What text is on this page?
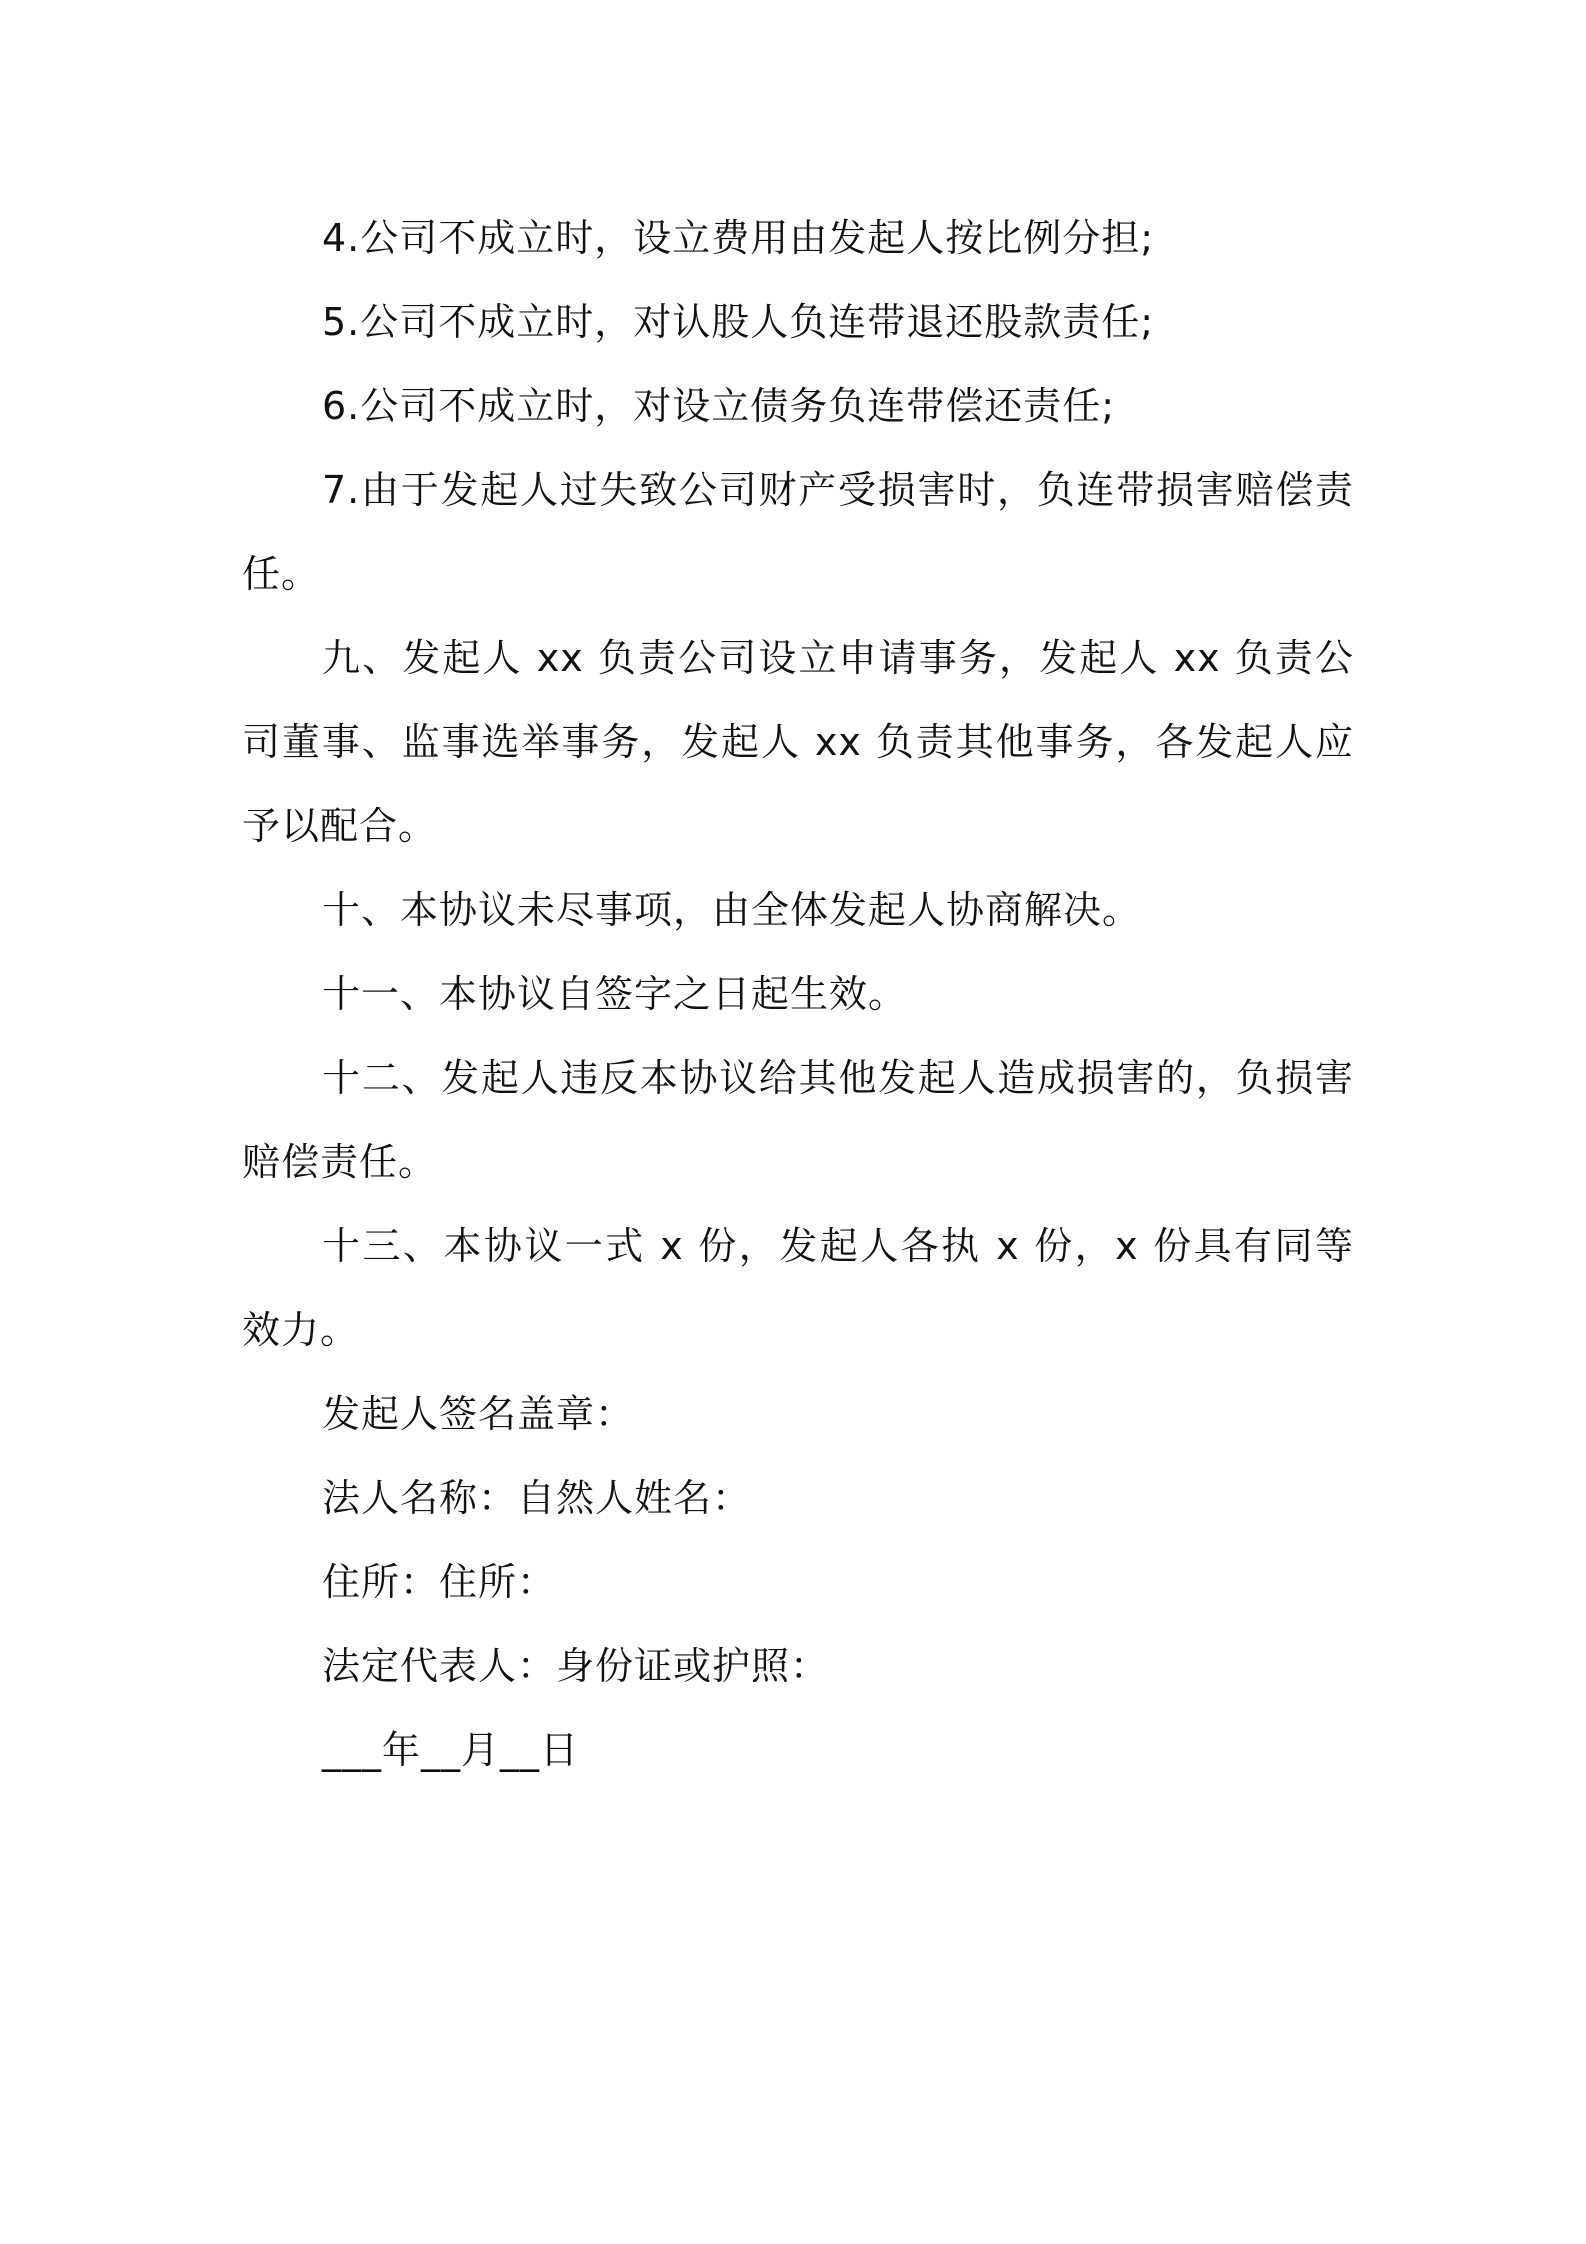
4.公司不成立时，设立费用由发起人按比例分担;

5.公司不成立时，对认股人负连带退还股款责任;

6.公司不成立时，对设立债务负连带偿还责任;

7.由于发起人过失致公司财产受损害时，负连带损害赔偿责任。

九、发起人 xx 负责公司设立申请事务，发起人 xx 负责公司董事、监事选举事务，发起人 xx 负责其他事务，各发起人应予以配合。

十、本协议未尽事项，由全体发起人协商解决。

十一、本协议自签字之日起生效。

十二、发起人违反本协议给其他发起人造成损害的，负损害赔偿责任。

十三、本协议一式 x 份，发起人各执 x 份，x 份具有同等效力。

发起人签名盖章：

法人名称：自然人姓名：

住所：住所：

法定代表人：身份证或护照：

___年__月__日
